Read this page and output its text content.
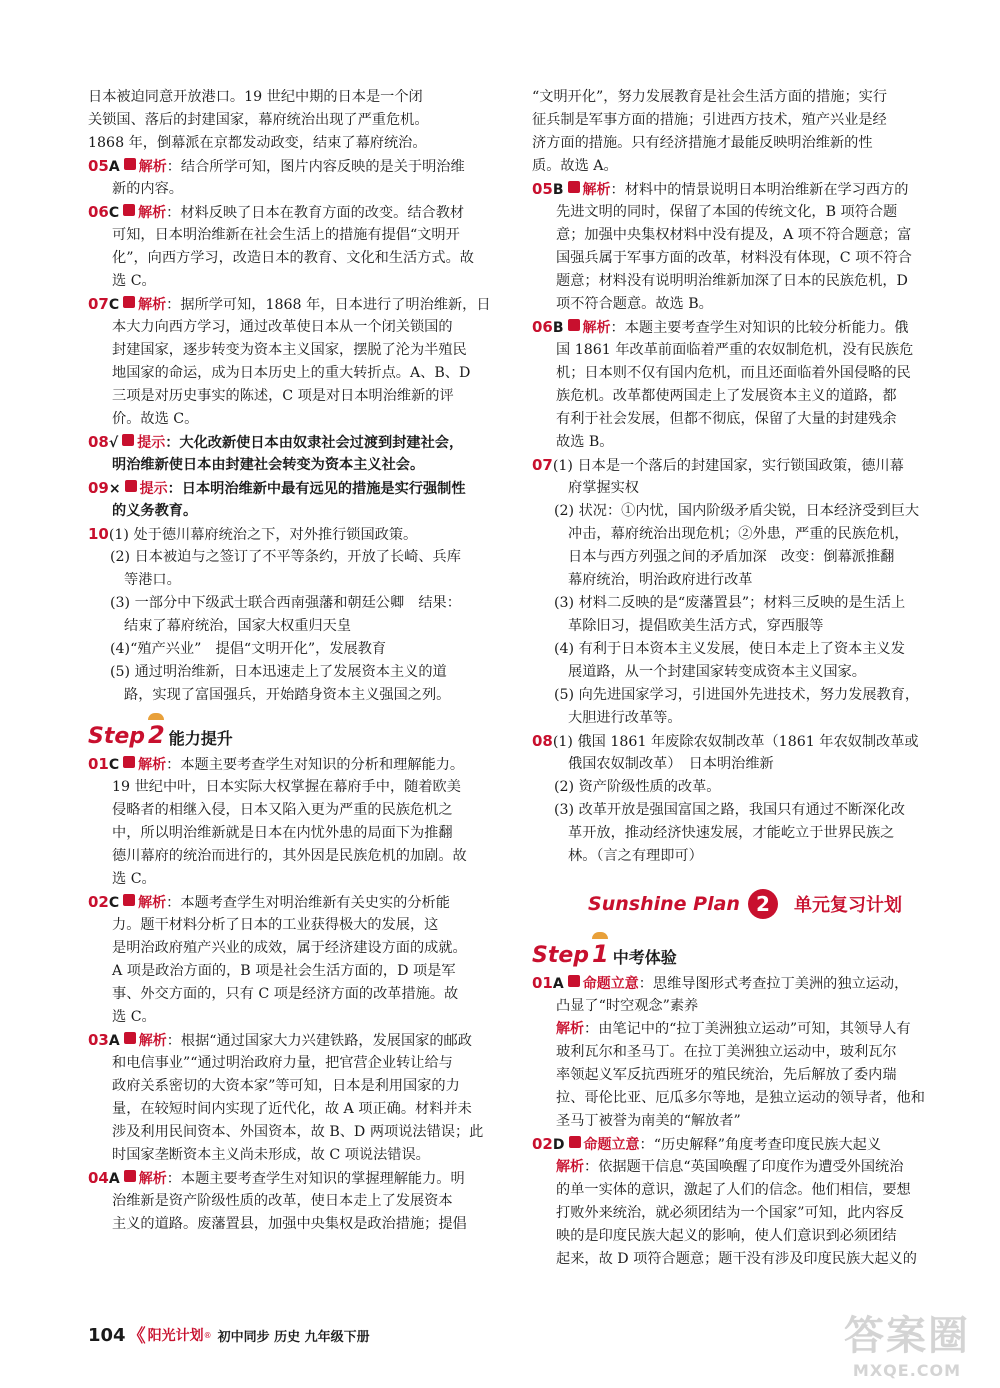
日本被迫同意开放港口。19 世纪中期的日本是一个闭
关锁国、落后的封建国家，幕府统治出现了严重危机。
1868 年，倒幕派在京都发动政变，结束了幕府统治。
05A 解析：结合所学可知，图片内容反映的是关于明治维
新的内容。
06C 解析：材料反映了日本在教育方面的改变。结合教材
可知，日本明治维新在社会生活上的措施有提倡“文明开
化”，向西方学习，改造日本的教育、文化和生活方式。故
选 C。
07C 解析：据所学可知，1868 年，日本进行了明治维新，日
本大力向西方学习，通过改革使日本从一个闭关锁国的
封建国家，逐步转变为资本主义国家，摆脱了沦为半殖民
地国家的命运，成为日本历史上的重大转折点。A、B、D
三项是对历史事实的陈述，C 项是对日本明治维新的评
价。故选 C。
08√ 提示：大化改新使日本由奴隶社会过渡到封建社会，
明治维新使日本由封建社会转变为资本主义社会。
09× 提示：日本明治维新中最有远见的措施是实行强制性
的义务教育。
10(1) 处于德川幕府统治之下，对外推行锁国政策。
(2) 日本被迫与之签订了不平等条约，开放了长崎、兵库
等港口。
(3) 一部分中下级武士联合西南强藩和朝廷公卿　结果：
结束了幕府统治，国家大权重归天皇
(4)“殖产兴业”　提倡“文明开化”，发展教育
(5) 通过明治维新，日本迅速走上了发展资本主义的道
路，实现了富国强兵，开始踏身资本主义强国之列。
Step 2 能力提升
01C 解析：本题主要考查学生对知识的分析和理解能力。
19 世纪中叶，日本实际大权掌握在幕府手中，随着欧美
侵略者的相继入侵，日本又陷入更为严重的民族危机之
中，所以明治维新就是日本在内忧外患的局面下为推翻
德川幕府的统治而进行的，其外因是民族危机的加剧。故
选 C。
02C 解析：本题考查学生对明治维新有关史实的分析能
力。题干材料分析了日本的工业获得极大的发展，这
是明治政府殖产兴业的成效，属于经济建设方面的成就。
A 项是政治方面的，B 项是社会生活方面的，D 项是军
事、外交方面的，只有 C 项是经济方面的改革措施。故
选 C。
03A 解析：根据“通过国家大力兴建铁路，发展国家的邮政
和电信事业”“通过明治政府力量，把官营企业转让给与
政府关系密切的大资本家”等可知，日本是利用国家的力
量，在较短时间内实现了近代化，故 A 项正确。材料并未
涉及利用民间资本、外国资本，故 B、D 两项说法错误；此
时国家垄断资本主义尚未形成，故 C 项说法错误。
04A 解析：本题主要考查学生对知识的掌握理解能力。明
治维新是资产阶级性质的改革，使日本走上了发展资本
主义的道路。废藩置县，加强中央集权是政治措施；提倡
“文明开化”，努力发展教育是社会生活方面的措施；实行
征兵制是军事方面的措施；引进西方技术，殖产兴业是经
济方面的措施。只有经济措施才最能反映明治维新的性
质。故选 A。
05B 解析：材料中的情景说明日本明治维新在学习西方的
先进文明的同时，保留了本国的传统文化，B 项符合题
意；加强中央集权材料中没有提及，A 项不符合题意；富
国强兵属于军事方面的改革，材料没有体现，C 项不符合
题意；材料没有说明明治维新加深了日本的民族危机，D
项不符合题意。故选 B。
06B 解析：本题主要考查学生对知识的比较分析能力。俄
国 1861 年改革前面临着严重的农奴制危机，没有民族危
机；日本则不仅有国内危机，而且还面临着外国侵略的民
族危机。改革都使两国走上了发展资本主义的道路，都
有利于社会发展，但都不彻底，保留了大量的封建残余
故选 B。
07(1) 日本是一个落后的封建国家，实行锁国政策，德川幕
府掌握实权
(2) 状况：①内忧，国内阶级矛盾尖锐，日本经济受到巨大
冲击，幕府统治出现危机；②外患，严重的民族危机，
日本与西方列强之间的矛盾加深　改变：倒幕派推翻
幕府统治，明治政府进行改革
(3) 材料二反映的是“废藩置县”；材料三反映的是生活上
革除旧习，提倡欧美生活方式，穿西服等
(4) 有利于日本资本主义发展，使日本走上了资本主义发
展道路，从一个封建国家转变成资本主义国家。
(5) 向先进国家学习，引进国外先进技术，努力发展教育，
大胆进行改革等。
08(1) 俄国 1861 年废除农奴制改革（1861 年农奴制改革或
俄国农奴制改革）　日本明治维新
(2) 资产阶级性质的改革。
(3) 改革开放是强国富国之路，我国只有通过不断深化改
革开放，推动经济快速发展，才能屹立于世界民族之
林。（言之有理即可）
Sunshine Plan 2	单元复习计划
Step 1 中考体验
01A 命题立意：思维导图形式考查拉丁美洲的独立运动，
凸显了“时空观念”素养
解析：由笔记中的“拉丁美洲独立运动”可知，其领导人有
玻利瓦尔和圣马丁。在拉丁美洲独立运动中，玻利瓦尔
率领起义军反抗西班牙的殖民统治，先后解放了委内瑞
拉、哥伦比亚、厄瓜多尔等地，是独立运动的领导者，他和
圣马丁被誉为南美的“解放者”
02D 命题立意：“历史解释”角度考查印度民族大起义
解析：依据题干信息“英国唤醒了印度作为遭受外国统治
的单一实体的意识，激起了人们的信念。他们相信，要想
打败外来统治，就必须团结为一个国家”可知，此内容反
映的是印度民族大起义的影响，使人们意识到必须团结
起来，故 D 项符合题意；题干没有涉及印度民族大起义的
104 《 阳光计划 ® 初中同步 历史 九年级下册	答案圈
MXQE.COM
